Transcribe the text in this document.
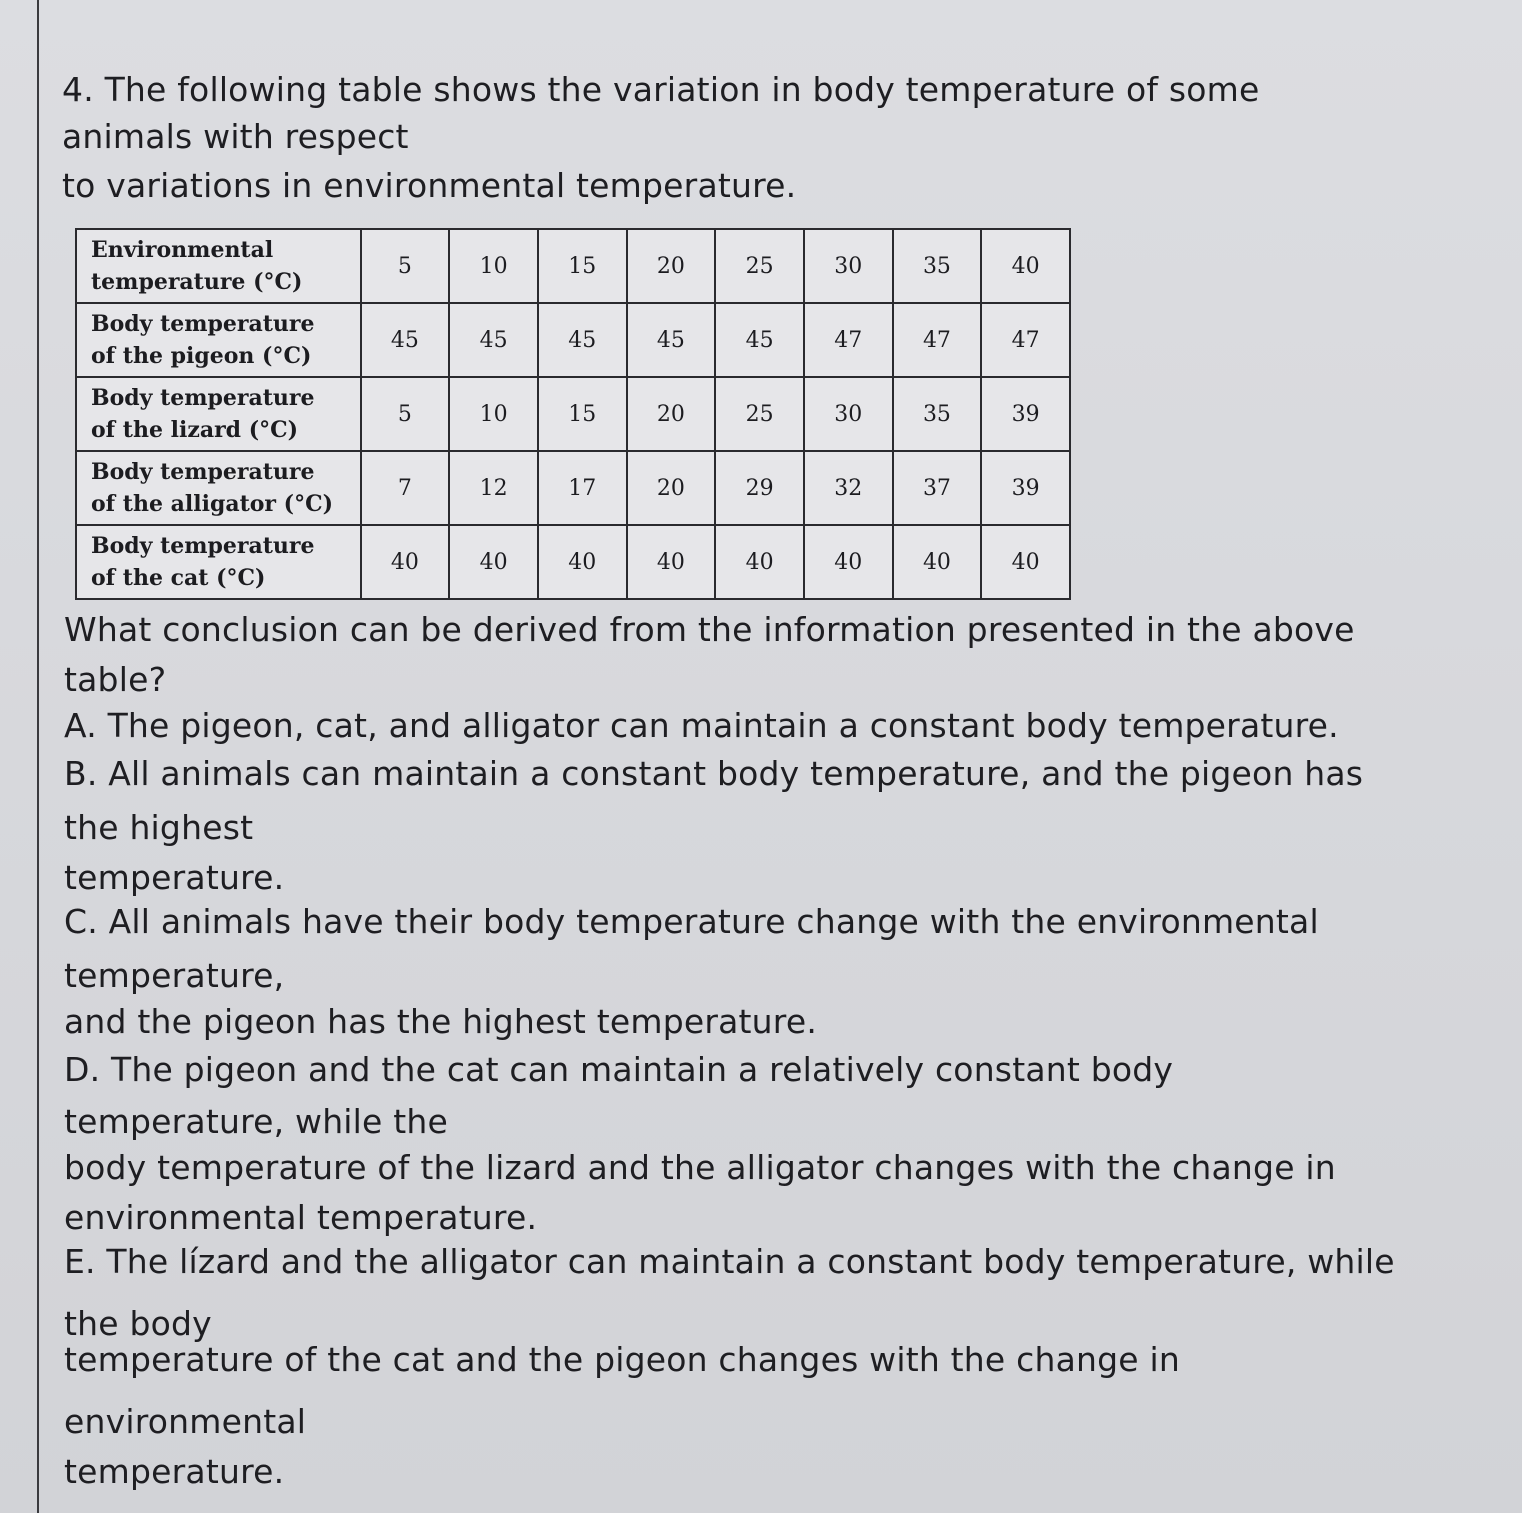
4. The following table shows the variation in body temperature of some
animals with respect
to variations in environmental temperature.
Environmental
temperature (°C)	5	10	15	20	25	30	35	40

Body temperature
of the pigeon (°C)	45	45	45	45	45	47	47	47

Body temperature
of the lizard (°C)	5	10	15	20	25	30	35	39

Body temperature
of the alligator (°C)	7	12	17	20	29	32	37	39

Body temperature
of the cat (°C)	40	40	40	40	40	40	40	40
What conclusion can be derived from the information presented in the above
table?
A. The pigeon, cat, and alligator can maintain a constant body temperature.
B. All animals can maintain a constant body temperature, and the pigeon has
the highest
temperature.
C. All animals have their body temperature change with the environmental
temperature,
and the pigeon has the highest temperature.
D. The pigeon and the cat can maintain a relatively constant body
temperature, while the
body temperature of the lizard and the alligator changes with the change in
environmental temperature.
E. The lízard and the alligator can maintain a constant body temperature, while
the body
temperature of the cat and the pigeon changes with the change in
environmental
temperature.
